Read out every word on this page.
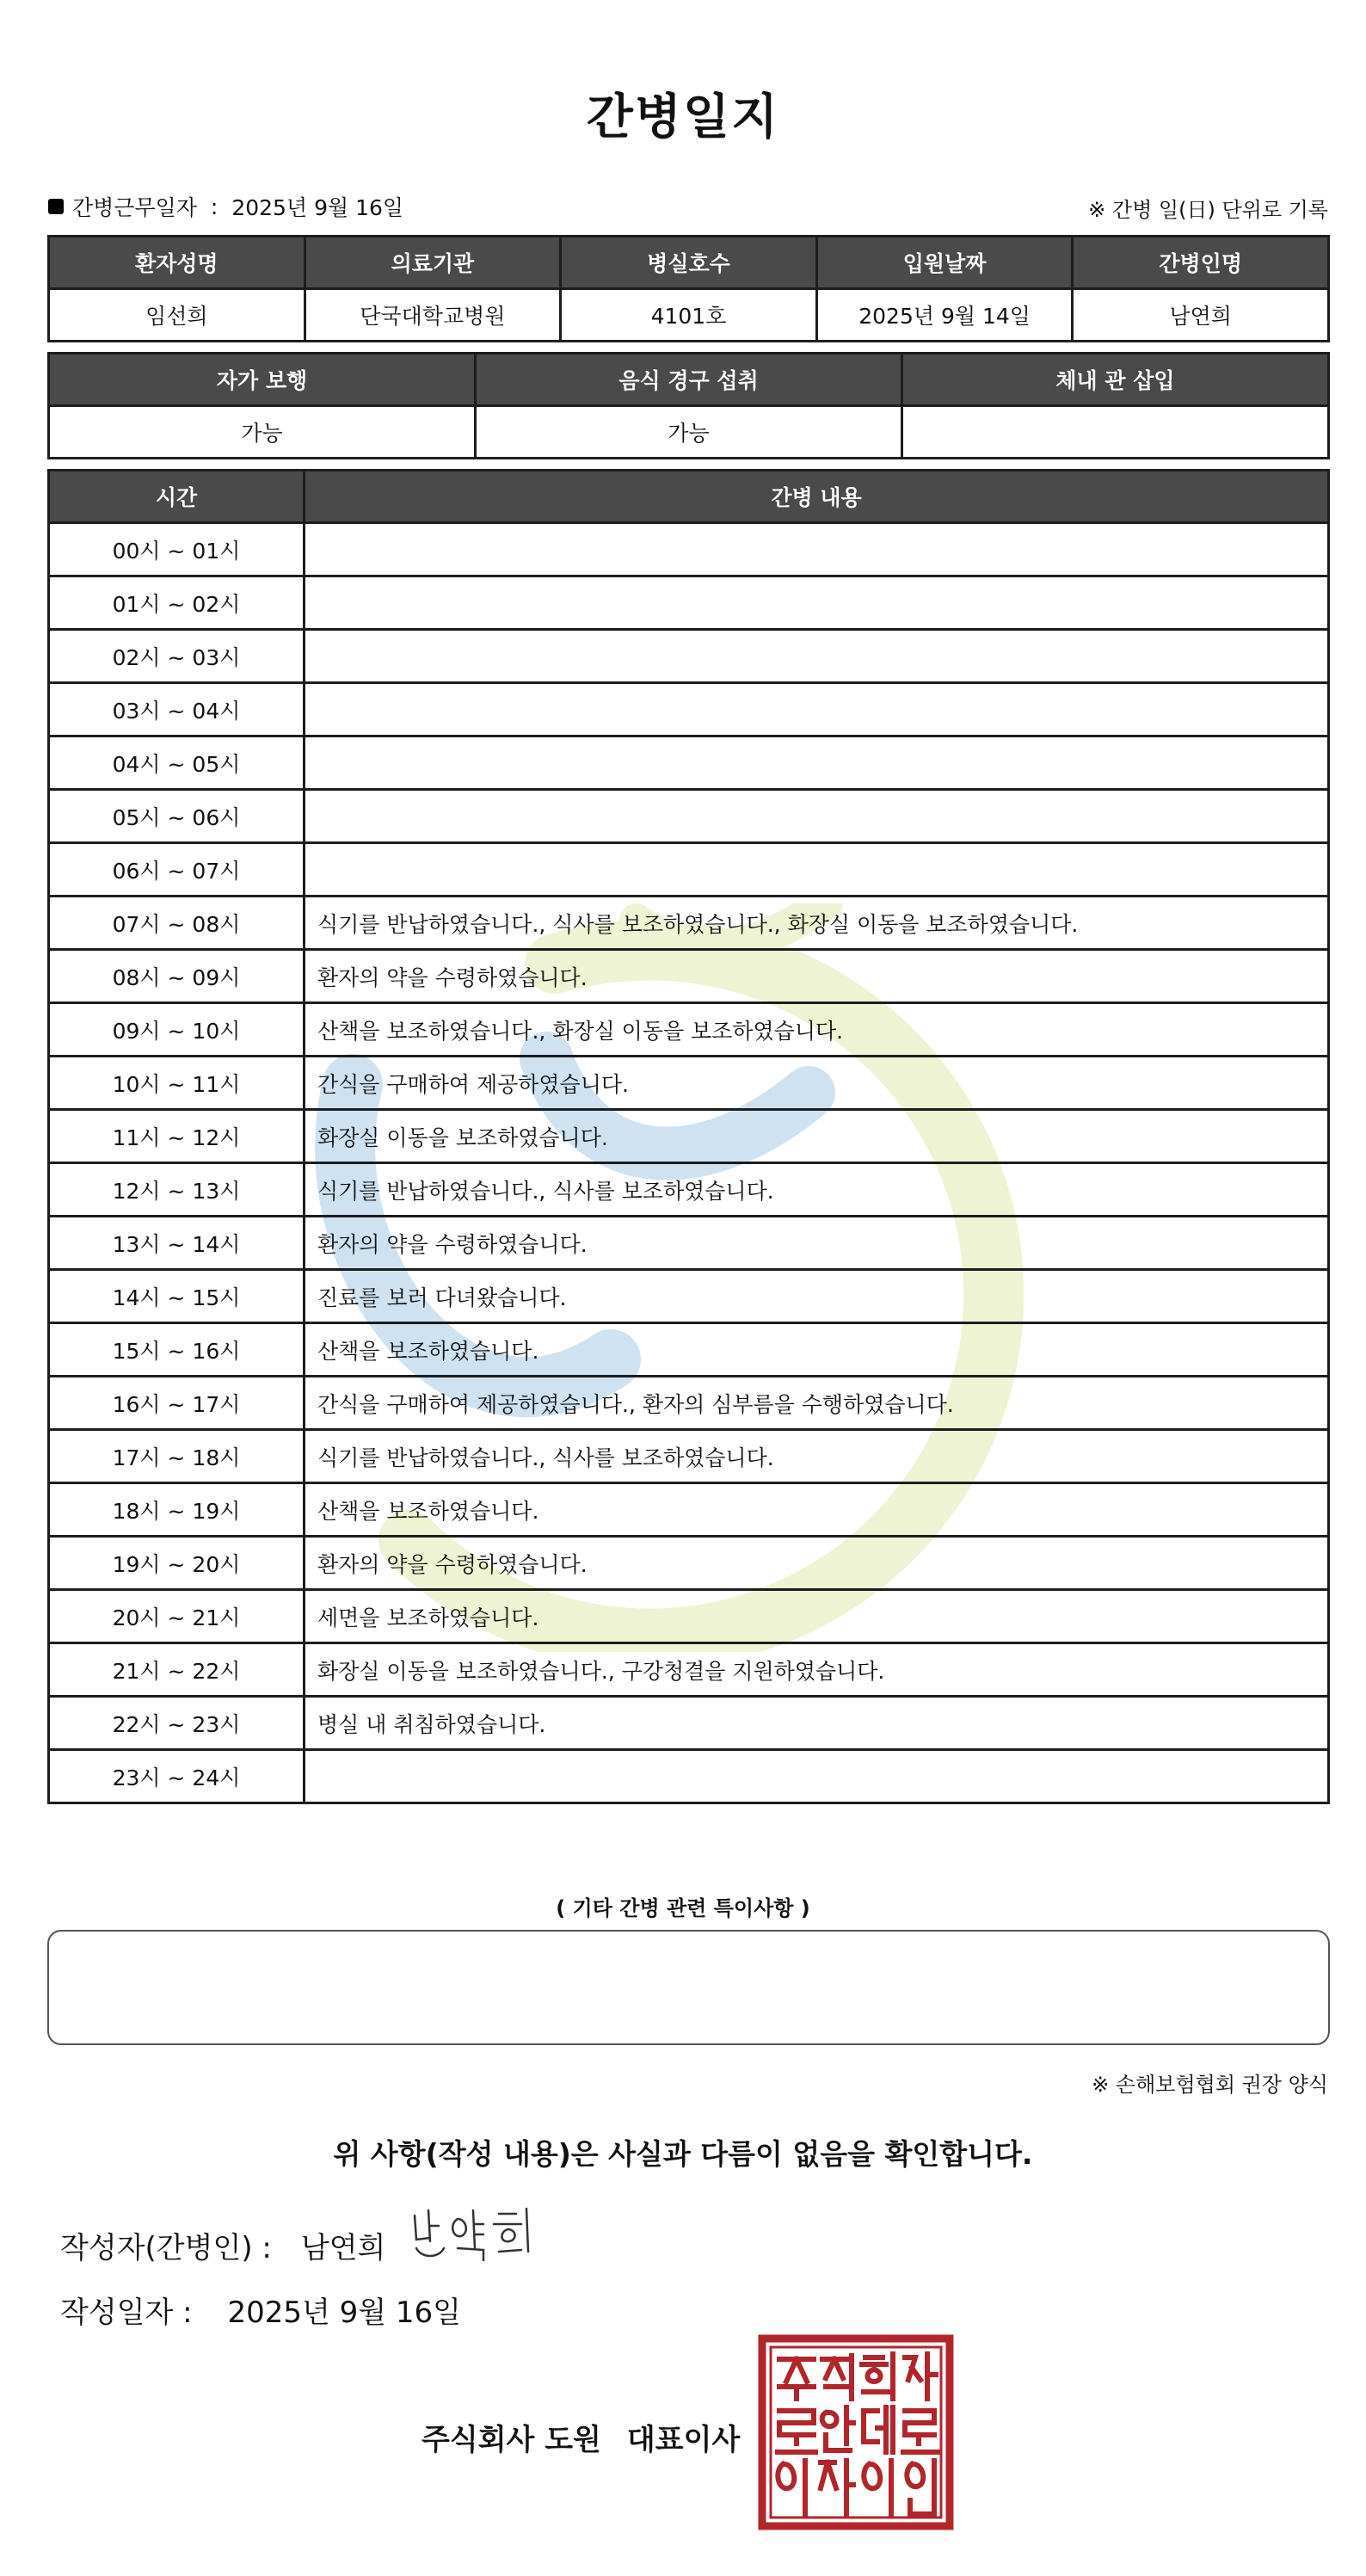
간병일지
간병근무일자 : 2025년 9월 16일	※ 간병 일(日) 단위로 기록
환자성명	의료기관	병실호수	입원날짜	간병인명
임선희	단국대학교병원	4101호	2025년 9월 14일	남연희
자가 보행	음식 경구 섭취	체내 관 삽입
가능	가능	
시간	간병 내용
00시 ~ 01시	
01시 ~ 02시	
02시 ~ 03시	
03시 ~ 04시	
04시 ~ 05시	
05시 ~ 06시	
06시 ~ 07시	
07시 ~ 08시	식기를 반납하였습니다., 식사를 보조하였습니다., 화장실 이동을 보조하였습니다.
08시 ~ 09시	환자의 약을 수령하였습니다.
09시 ~ 10시	산책을 보조하였습니다., 화장실 이동을 보조하였습니다.
10시 ~ 11시	간식을 구매하여 제공하였습니다.
11시 ~ 12시	화장실 이동을 보조하였습니다.
12시 ~ 13시	식기를 반납하였습니다., 식사를 보조하였습니다.
13시 ~ 14시	환자의 약을 수령하였습니다.
14시 ~ 15시	진료를 보러 다녀왔습니다.
15시 ~ 16시	산책을 보조하였습니다.
16시 ~ 17시	간식을 구매하여 제공하였습니다., 환자의 심부름을 수행하였습니다.
17시 ~ 18시	식기를 반납하였습니다., 식사를 보조하였습니다.
18시 ~ 19시	산책을 보조하였습니다.
19시 ~ 20시	환자의 약을 수령하였습니다.
20시 ~ 21시	세면을 보조하였습니다.
21시 ~ 22시	화장실 이동을 보조하였습니다., 구강청결을 지원하였습니다.
22시 ~ 23시	병실 내 취침하였습니다.
23시 ~ 24시	
( 기타 간병 관련 특이사항 )
※ 손해보험협회 권장 양식
위 사항(작성 내용)은 사실과 다름이 없음을 확인합니다.
작성자(간병인) : 남연희
작성일자 : 2025년 9월 16일
주식회사 도원 대표이사
